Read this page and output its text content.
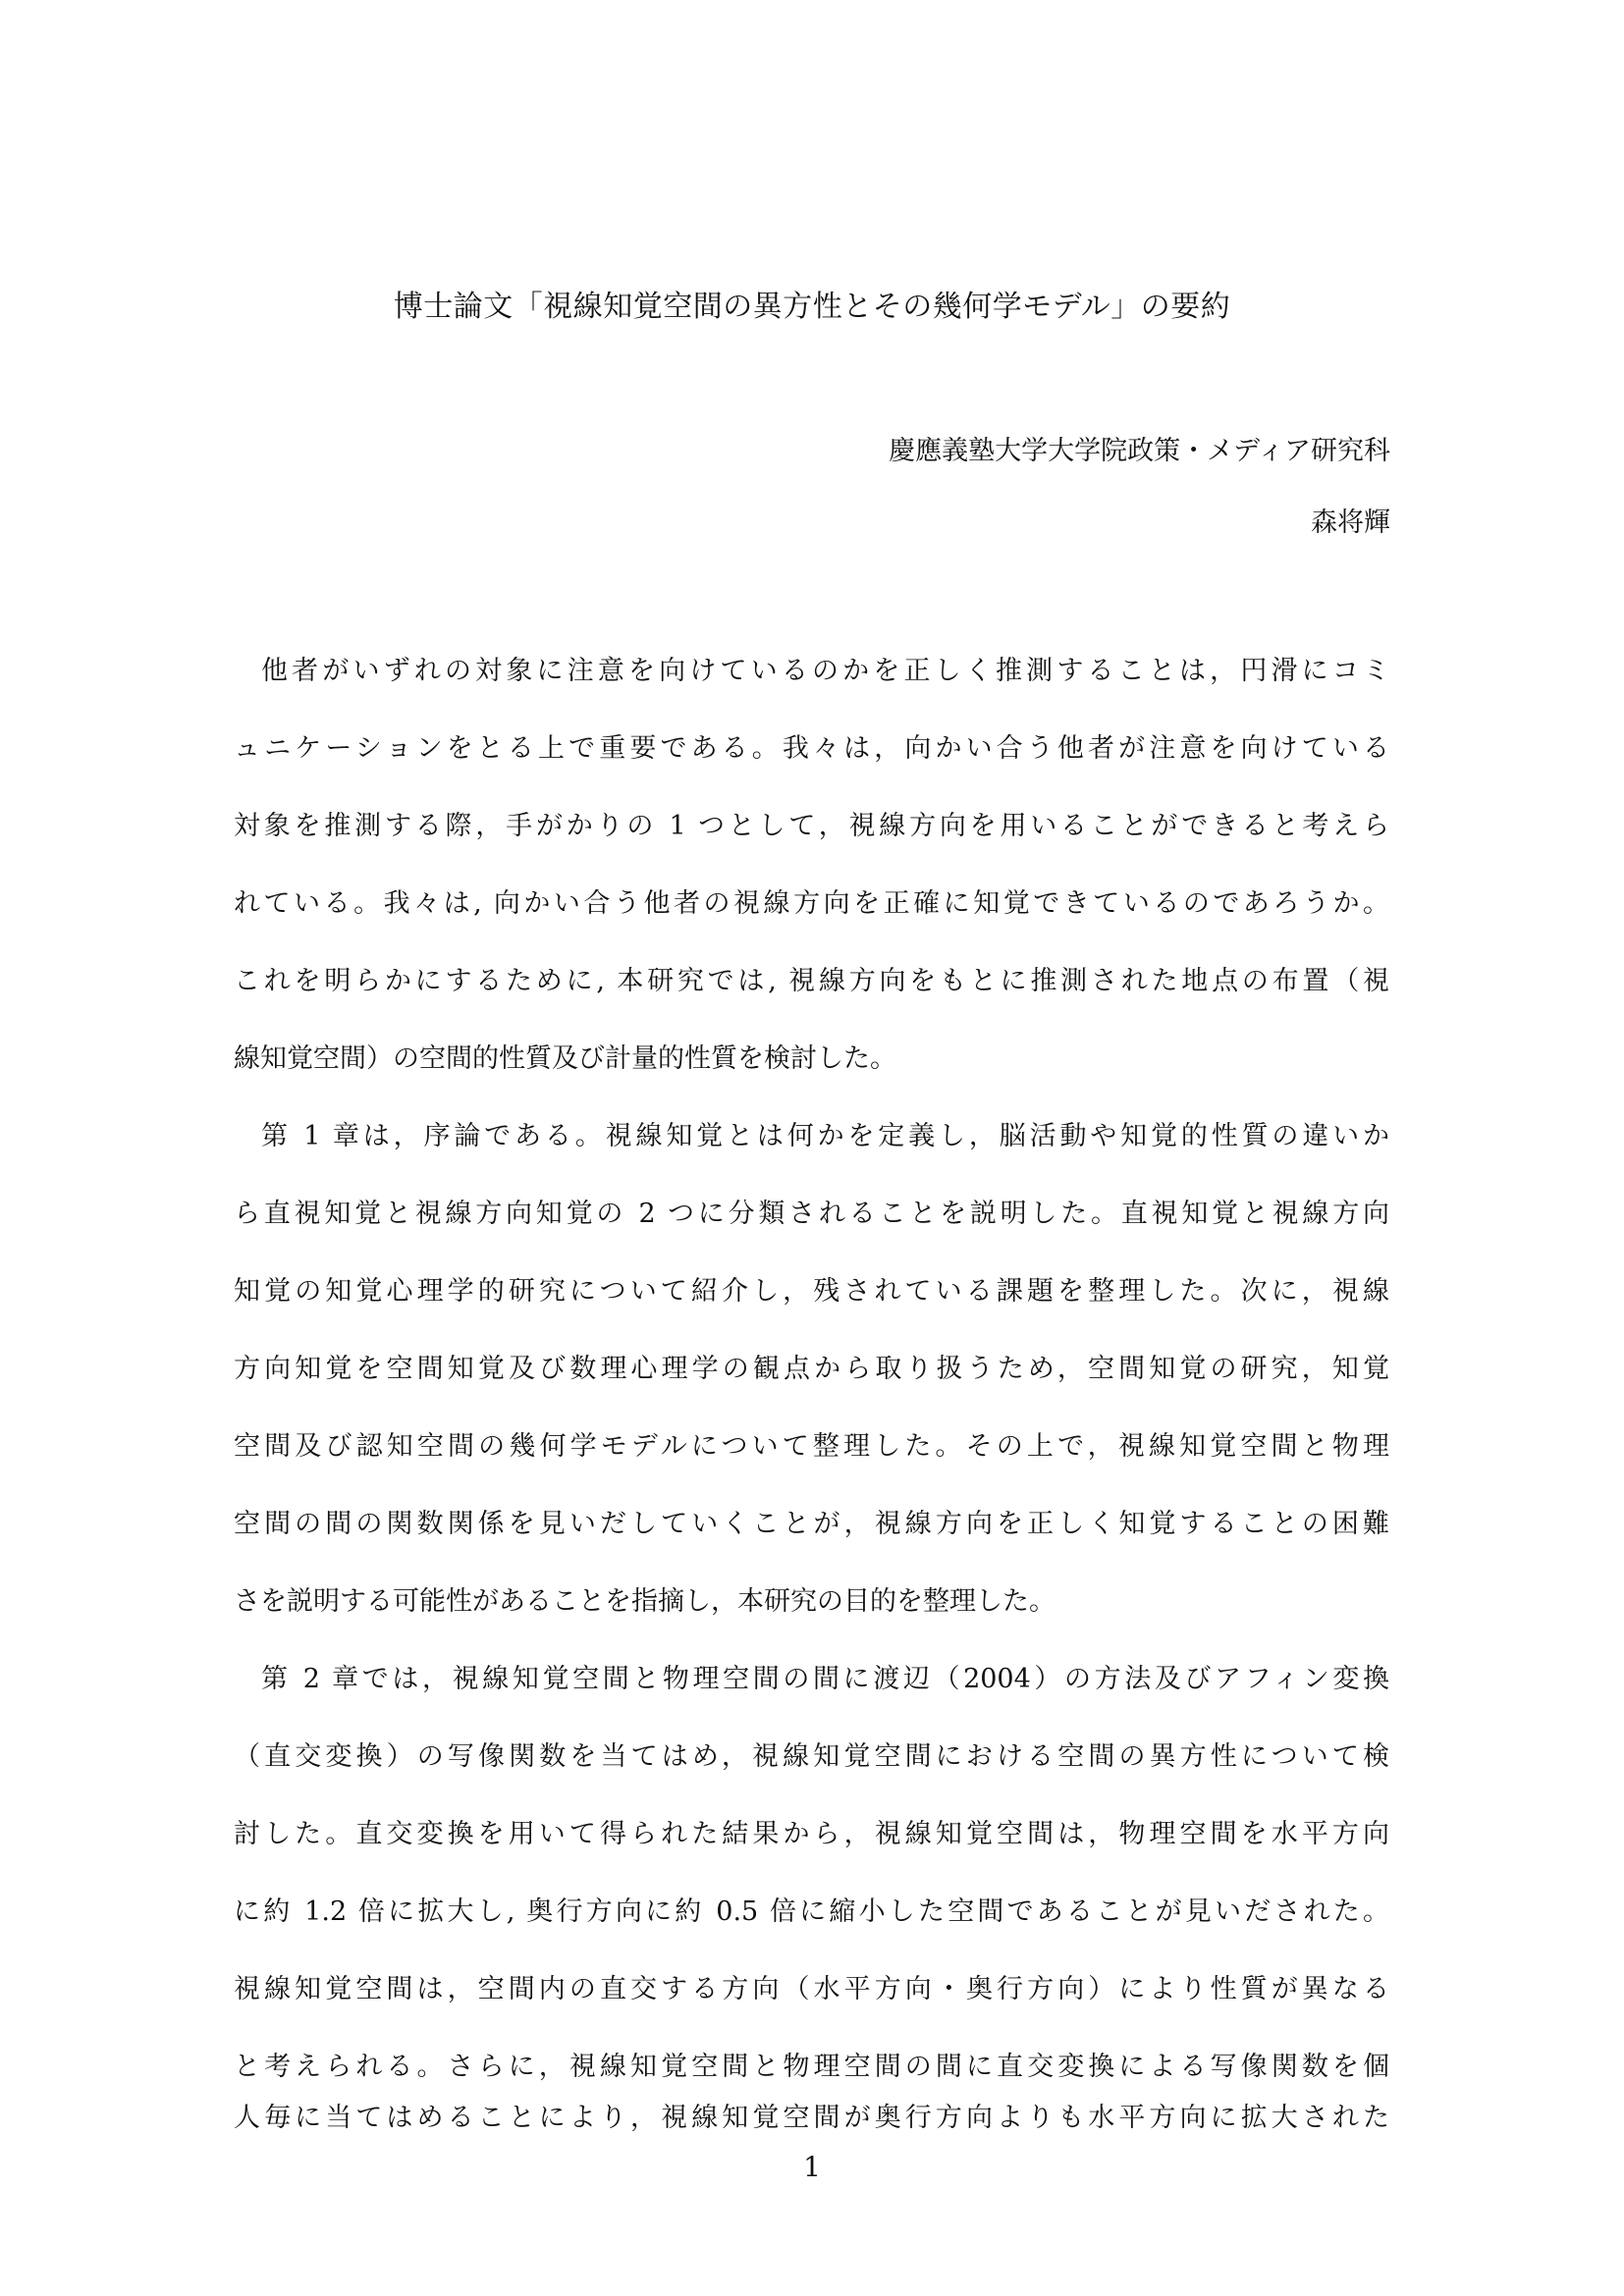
博士論文「視線知覚空間の異方性とその幾何学モデル」の要約
慶應義塾大学大学院政策・メディア研究科
森将輝
他者がいずれの対象に注意を向けているのかを正しく推測することは，円滑にコミ
ュニケーションをとる上で重要である。我々は，向かい合う他者が注意を向けている
対象を推測する際，手がかりの 1 つとして，視線方向を用いることができると考えら
れている。我々は, 向かい合う他者の視線方向を正確に知覚できているのであろうか。
これを明らかにするために, 本研究では, 視線方向をもとに推測された地点の布置（視
線知覚空間）の空間的性質及び計量的性質を検討した。
第 1 章は，序論である。視線知覚とは何かを定義し，脳活動や知覚的性質の違いか
ら直視知覚と視線方向知覚の 2 つに分類されることを説明した。直視知覚と視線方向
知覚の知覚心理学的研究について紹介し，残されている課題を整理した。次に，視線
方向知覚を空間知覚及び数理心理学の観点から取り扱うため，空間知覚の研究，知覚
空間及び認知空間の幾何学モデルについて整理した。その上で，視線知覚空間と物理
空間の間の関数関係を見いだしていくことが，視線方向を正しく知覚することの困難
さを説明する可能性があることを指摘し，本研究の目的を整理した。
第 2 章では，視線知覚空間と物理空間の間に渡辺（2004）の方法及びアフィン変換
（直交変換）の写像関数を当てはめ，視線知覚空間における空間の異方性について検
討した。直交変換を用いて得られた結果から，視線知覚空間は，物理空間を水平方向
に約 1.2 倍に拡大し, 奥行方向に約 0.5 倍に縮小した空間であることが見いだされた。
視線知覚空間は，空間内の直交する方向（水平方向・奥行方向）により性質が異なる
と考えられる。さらに，視線知覚空間と物理空間の間に直交変換による写像関数を個
人毎に当てはめることにより，視線知覚空間が奥行方向よりも水平方向に拡大された
1
